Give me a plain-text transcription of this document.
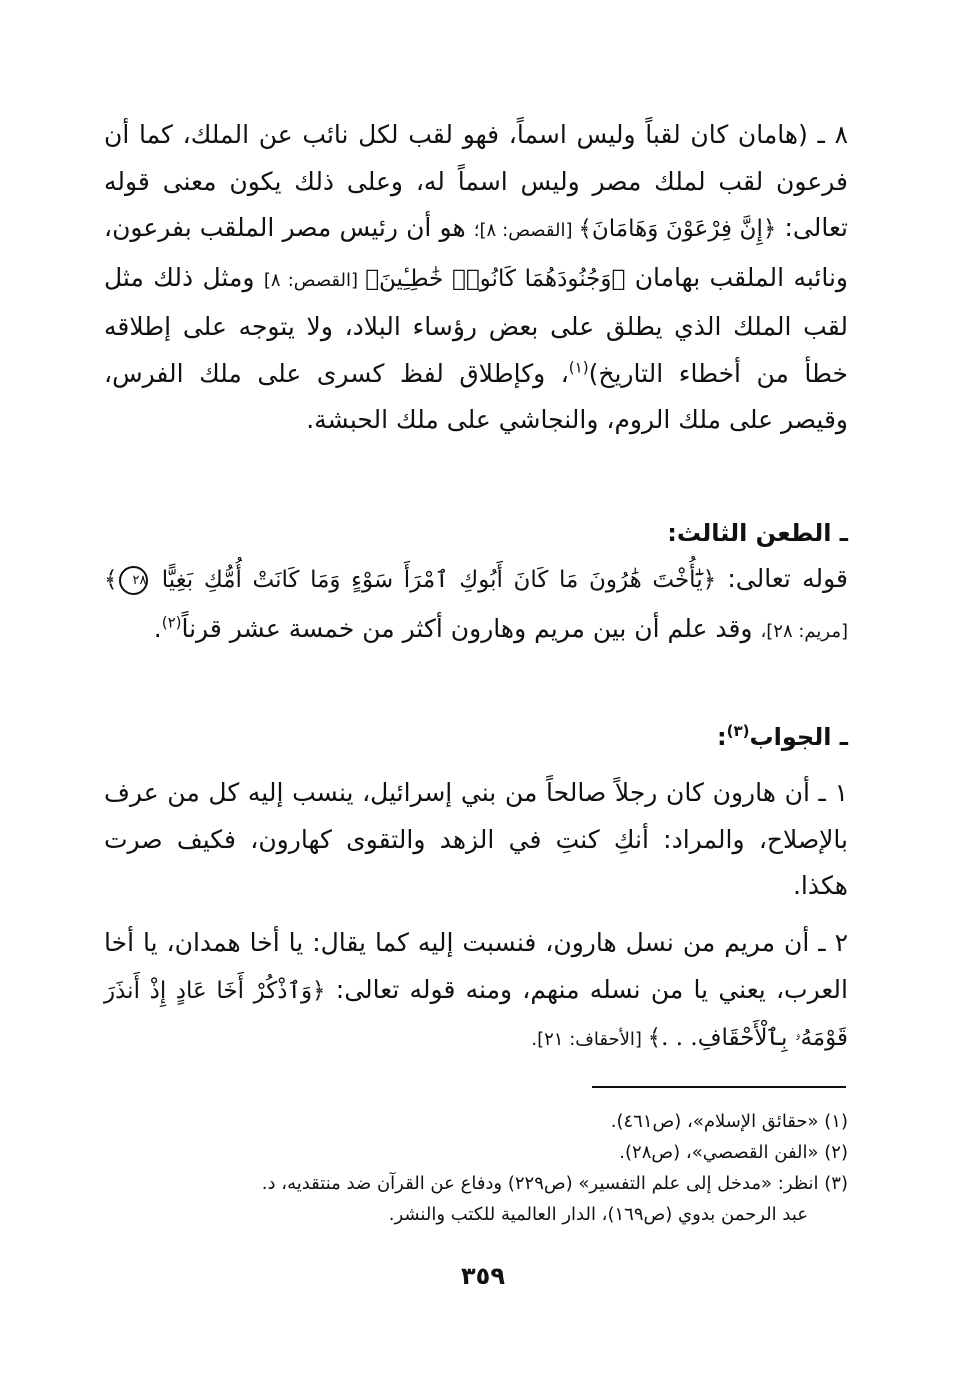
٨ ـ (هامان كان لقباً وليس اسماً، فهو لقب لكل نائب عن الملك، كما أن فرعون لقب لملك مصر وليس اسماً له، وعلى ذلك يكون معنى قوله تعالى: ﴿إِنَّ فِرْعَوْنَ وَهَامَانَ﴾ [القصص: ٨]؛ هو أن رئيس مصر الملقب بفرعون، ونائبه الملقب بهامان ﴿وَجُنُودَهُمَا كَانُوا۟ خَٰطِـِٔينَ﴾ [القصص: ٨] ومثل ذلك مثل لقب الملك الذي يطلق على بعض رؤساء البلاد، ولا يتوجه على إطلاقه خطأ من أخطاء التاريخ)$^{(١)}$، وكإطلاق لفظ كسرى على ملك الفرس، وقيصر على ملك الروم، والنجاشي على ملك الحبشة.
ـ الطعن الثالث:
قوله تعالى: ﴿يَٰٓأُخْتَ هَٰرُونَ مَا كَانَ أَبُوكِ ٱمْرَأَ سَوْءٍ وَمَا كَانَتْ أُمُّكِ بَغِيًّا ٢٨﴾ [مريم: ٢٨]، وقد علم أن بين مريم وهارون أكثر من خمسة عشر قرناً$^{(٢)}$.
ـ الجواب$^{(٣)}$:
١ ـ أن هارون كان رجلاً صالحاً من بني إسرائيل، ينسب إليه كل من عرف بالإصلاح، والمراد: أنكِ كنتِ في الزهد والتقوى كهارون، فكيف صرت هكذا.
٢ ـ أن مريم من نسل هارون، فنسبت إليه كما يقال: يا أخا همدان، يا أخا العرب، يعني يا من نسله منهم، ومنه قوله تعالى: ﴿وَٱذْكُرْ أَخَا عَادٍ إِذْ أَنذَرَ قَوْمَهُۥ بِٱلْأَحْقَافِ. . .﴾ [الأحقاف: ٢١].

(١) «حقائق الإسلام»، (ص٤٦١).

(٢) «الفن القصصي»، (ص٢٨).

(٣) انظر: «مدخل إلى علم التفسير» (ص٢٢٩) ودفاع عن القرآن ضد منتقديه، د.

عبد الرحمن بدوي (ص١٦٩)، الدار العالمية للكتب والنشر.

٣٥٩
